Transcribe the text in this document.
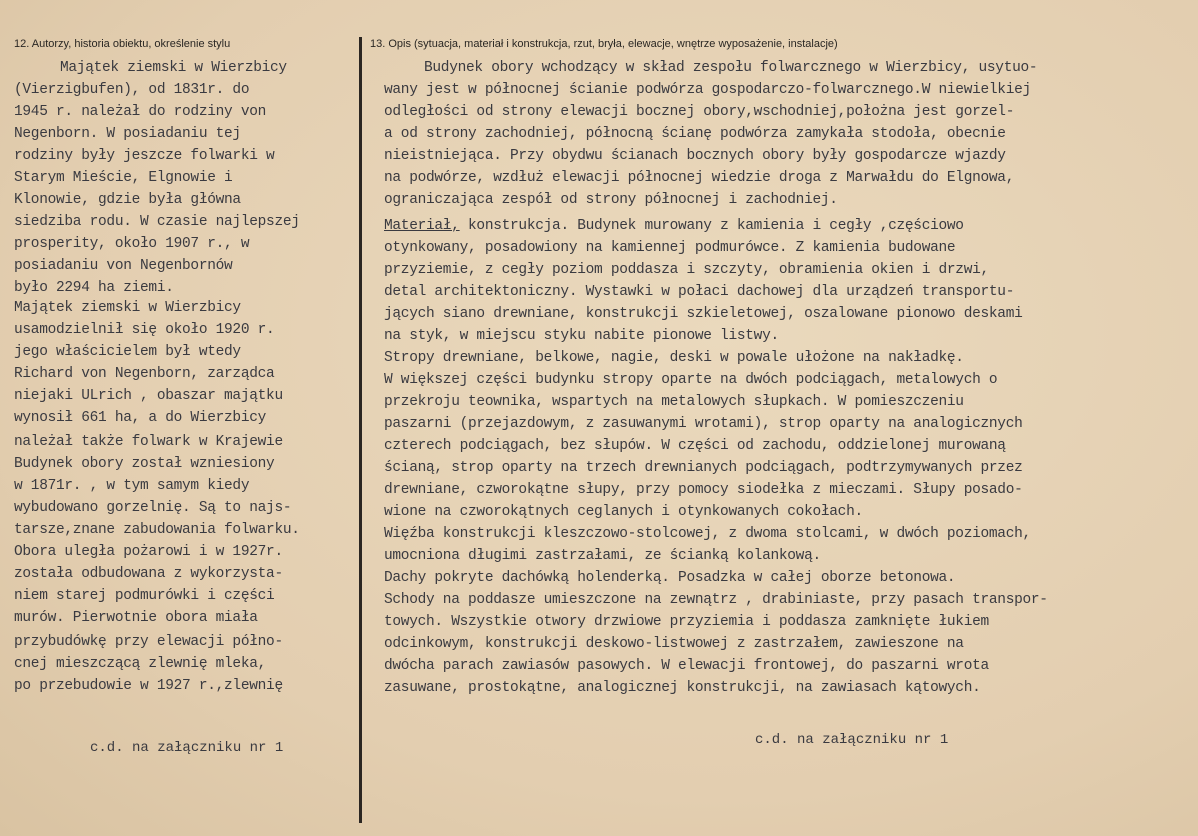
12. Autorzy, historia obiektu, określenie stylu	13. Opis (sytuacja, materiał i konstrukcja, rzut, bryła, elewacje, wnętrze wyposażenie, instalacje)
Majątek ziemski w Wierzbicy
(Vierzigbufen), od 1831r. do
1945 r. należał do rodziny von
Negenborn. W posiadaniu tej
rodziny były jeszcze folwarki w
Starym Mieście, Elgnowie i
Klonowie, gdzie była główna
siedziba rodu. W czasie najlepszej
prosperity, około 1907 r., w
posiadaniu von Negenbornów
było 2294 ha ziemi.
Majątek ziemski w Wierzbicy
usamodzielnił się około 1920 r.
jego właścicielem był wtedy
Richard von Negenborn, zarządca
niejaki ULrich , obaszar majątku
wynosił 661 ha, a do Wierzbicy
należał także folwark w Krajewie
Budynek obory został wzniesiony
w 1871r. , w tym samym kiedy
wybudowano gorzelnię. Są to najs-
tarsze,znane zabudowania folwarku.
Obora uległa pożarowi i w 1927r.
została odbudowana z wykorzysta-
niem starej podmurówki i części
murów. Pierwotnie obora miała
przybudówkę przy elewacji półno-
cnej mieszczącą zlewnię mleka,
po przebudowie w 1927 r.,zlewnię
Budynek obory wchodzący w skład zespołu folwarcznego w Wierzbicy, usytuo-
wany jest w północnej ścianie podwórza gospodarczo-folwarcznego.W niewielkiej
odległości od strony elewacji bocznej obory,wschodniej,położna jest gorzel-
a od strony zachodniej, północną ścianę podwórza zamykała stodoła, obecnie
nieistniejąca. Przy obydwu ścianach bocznych obory były gospodarcze wjazdy
na podwórze, wzdłuż elewacji północnej wiedzie droga z Marwałdu do Elgnowa,
ograniczająca zespół od strony północnej i zachodniej.
Materiał, konstrukcja. Budynek murowany z kamienia i cegły ,częściowo
otynkowany, posadowiony na kamiennej podmurówce. Z kamienia budowane
przyziemie, z cegły poziom poddasza i szczyty, obramienia okien i drzwi,
detal architektoniczny. Wystawki w połaci dachowej dla urządzeń transportu-
jących siano drewniane, konstrukcji szkieletowej, oszalowane pionowo deskami
na styk, w miejscu styku nabite pionowe listwy.
Stropy drewniane, belkowe, nagie, deski w powale ułożone na nakładkę.
W większej części budynku stropy oparte na dwóch podciągach, metalowych o
przekroju teownika, wspartych na metalowych słupkach. W pomieszczeniu
paszarni (przejazdowym, z zasuwanymi wrotami), strop oparty na analogicznych
czterech podciągach, bez słupów. W części od zachodu, oddzielonej murowaną
ścianą, strop oparty na trzech drewnianych podciągach, podtrzymywanych przez
drewniane, czworokątne słupy, przy pomocy siodełka z mieczami. Słupy posado-
wione na czworokątnych ceglanych i otynkowanych cokołach.
Więźba konstrukcji kleszczowo-stolcowej, z dwoma stolcami, w dwóch poziomach,
umocniona długimi zastrzałami, ze ścianką kolankową.
Dachy pokryte dachówką holenderką. Posadzka w całej oborze betonowa.
Schody na poddasze umieszczone na zewnątrz , drabiniaste, przy pasach transpor-
towych. Wszystkie otwory drzwiowe przyziemia i poddasza zamknięte łukiem
odcinkowym, konstrukcji deskowo-listwowej z zastrzałem, zawieszone na
dwócha parach zawiasów pasowych. W elewacji frontowej, do paszarni wrota
zasuwane, prostokątne, analogicznej konstrukcji, na zawiasach kątowych.
c.d. na załączniku nr 1	c.d. na załączniku nr 1
